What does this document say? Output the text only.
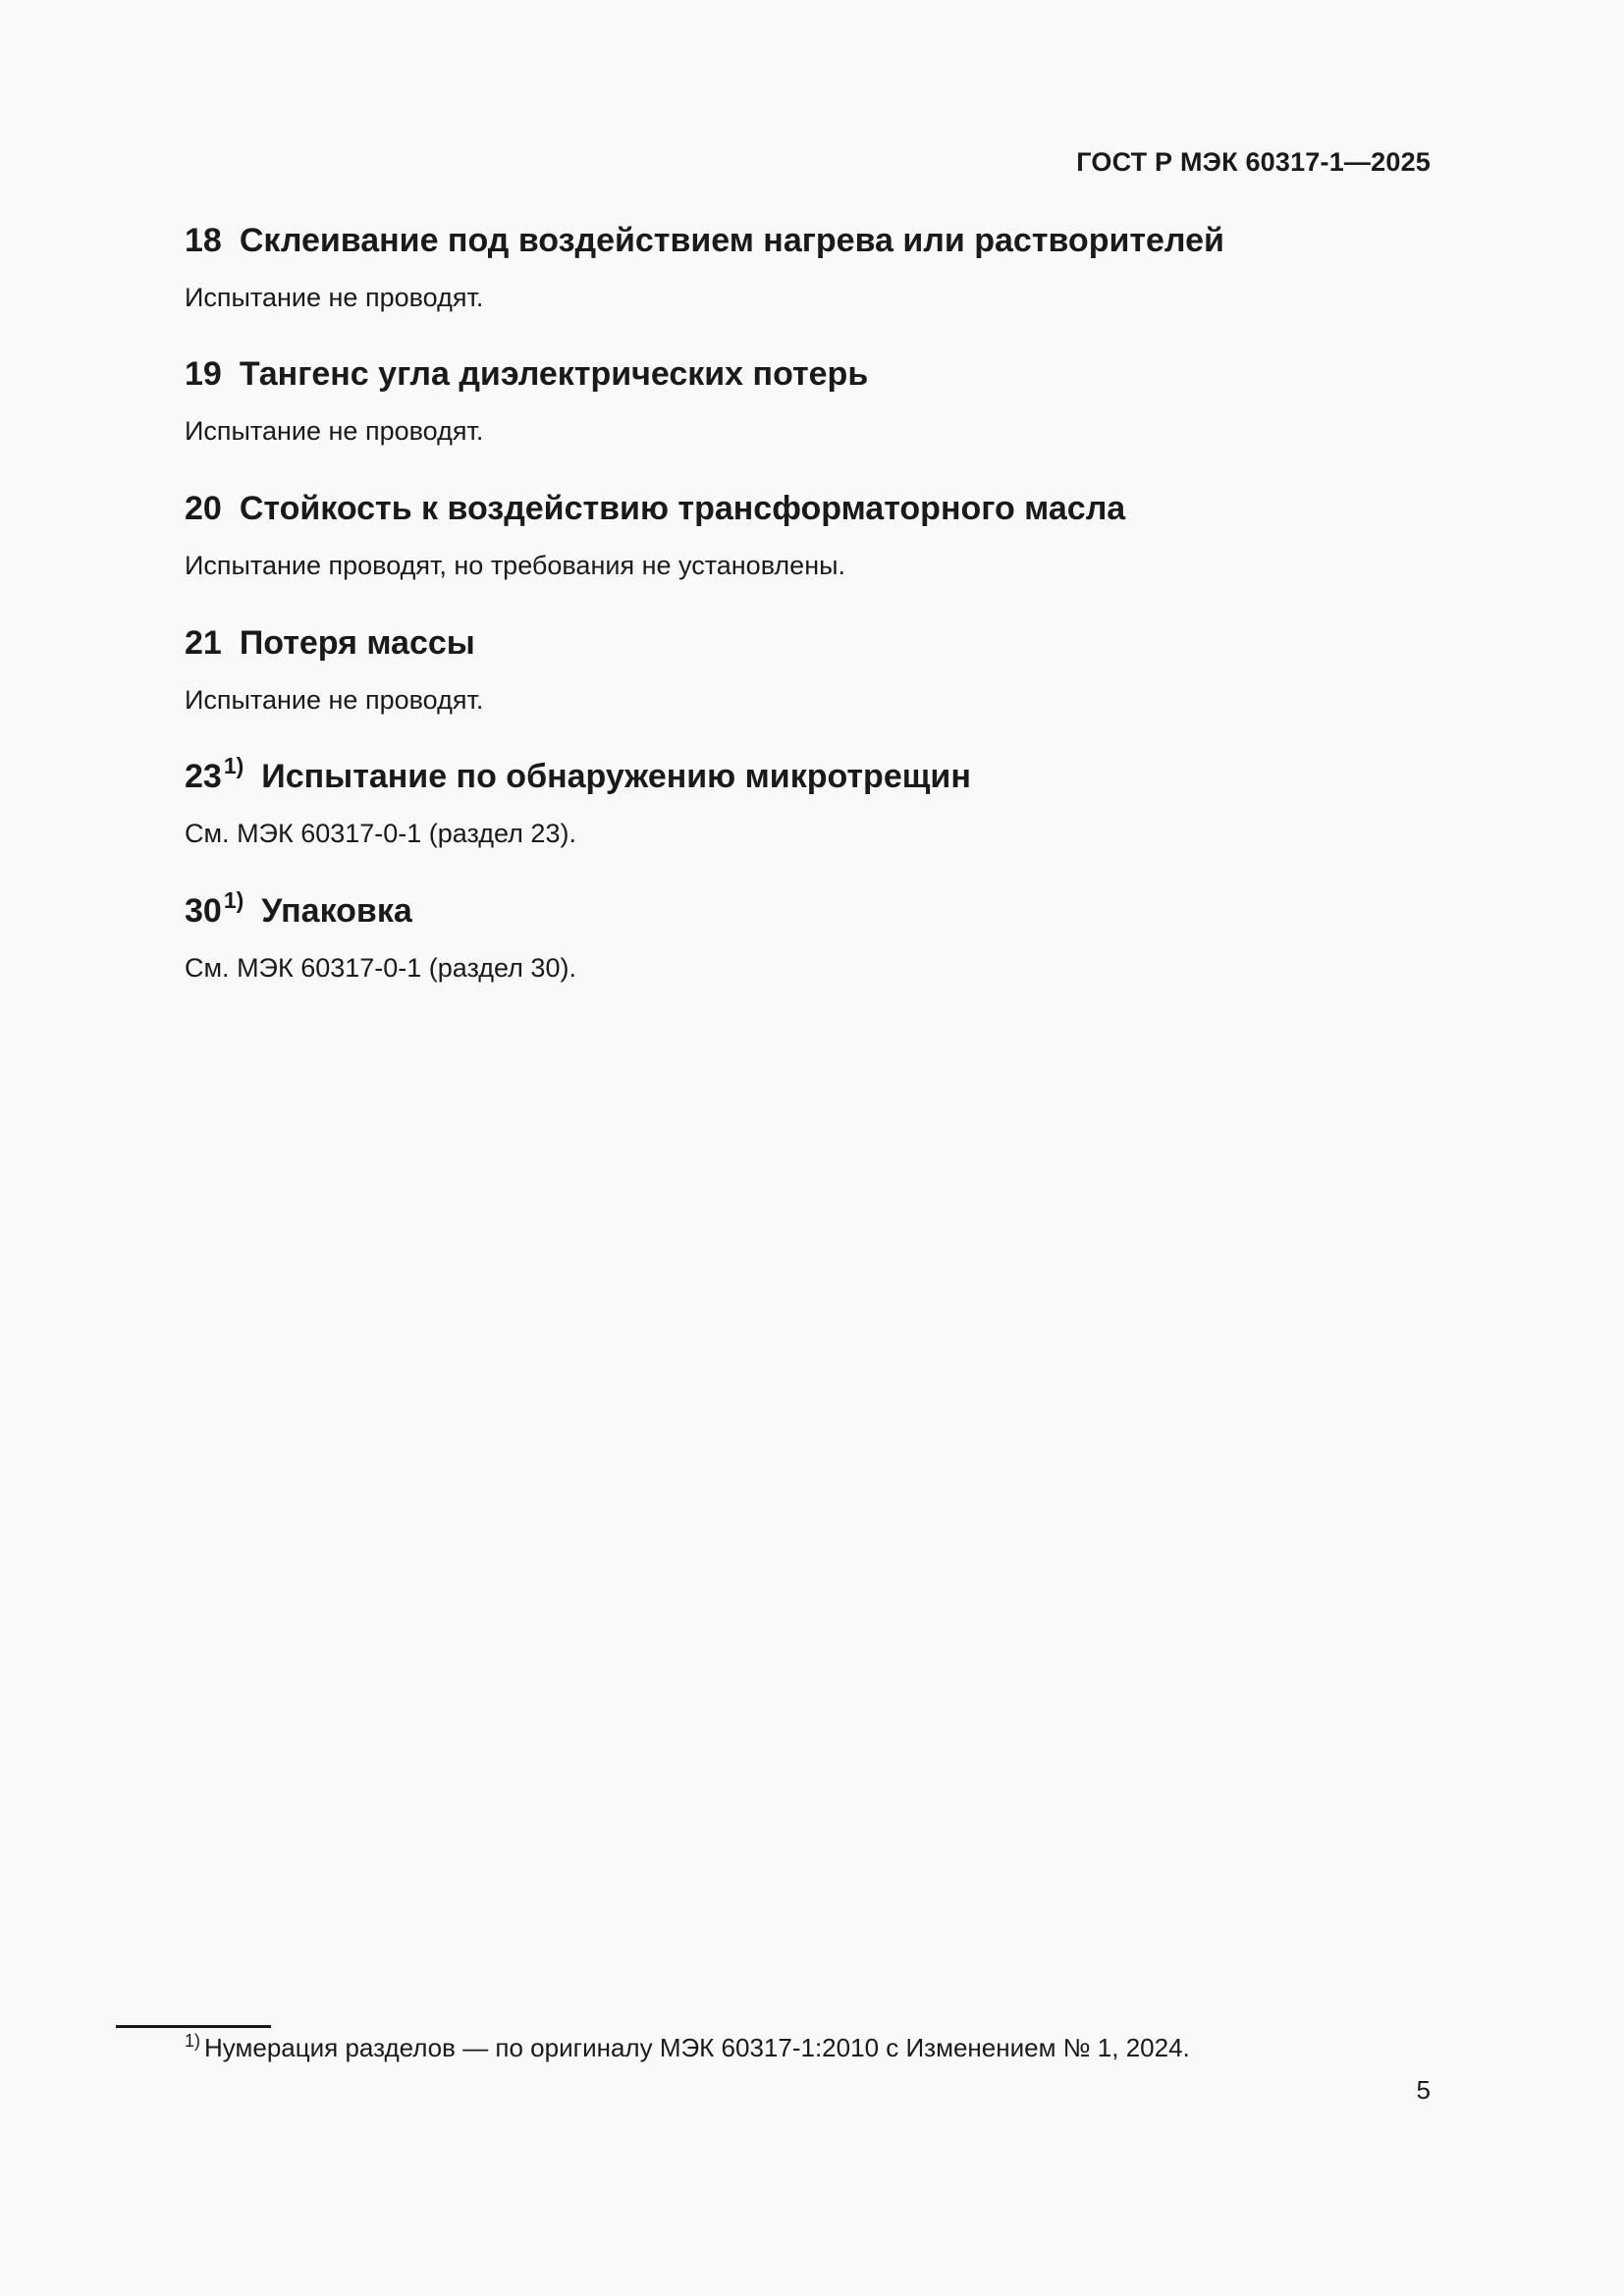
ГОСТ Р МЭК 60317-1—2025
18 Склеивание под воздействием нагрева или растворителей
Испытание не проводят.
19 Тангенс угла диэлектрических потерь
Испытание не проводят.
20 Стойкость к воздействию трансформаторного масла
Испытание проводят, но требования не установлены.
21 Потеря массы
Испытание не проводят.
23$^{1)}$ Испытание по обнаружению микротрещин
См. МЭК 60317-0-1 (раздел 23).
30$^{1)}$ Упаковка
См. МЭК 60317-0-1 (раздел 30).
$^{1)}$ Нумерация разделов — по оригиналу МЭК 60317-1:2010 с Изменением № 1, 2024.
5
